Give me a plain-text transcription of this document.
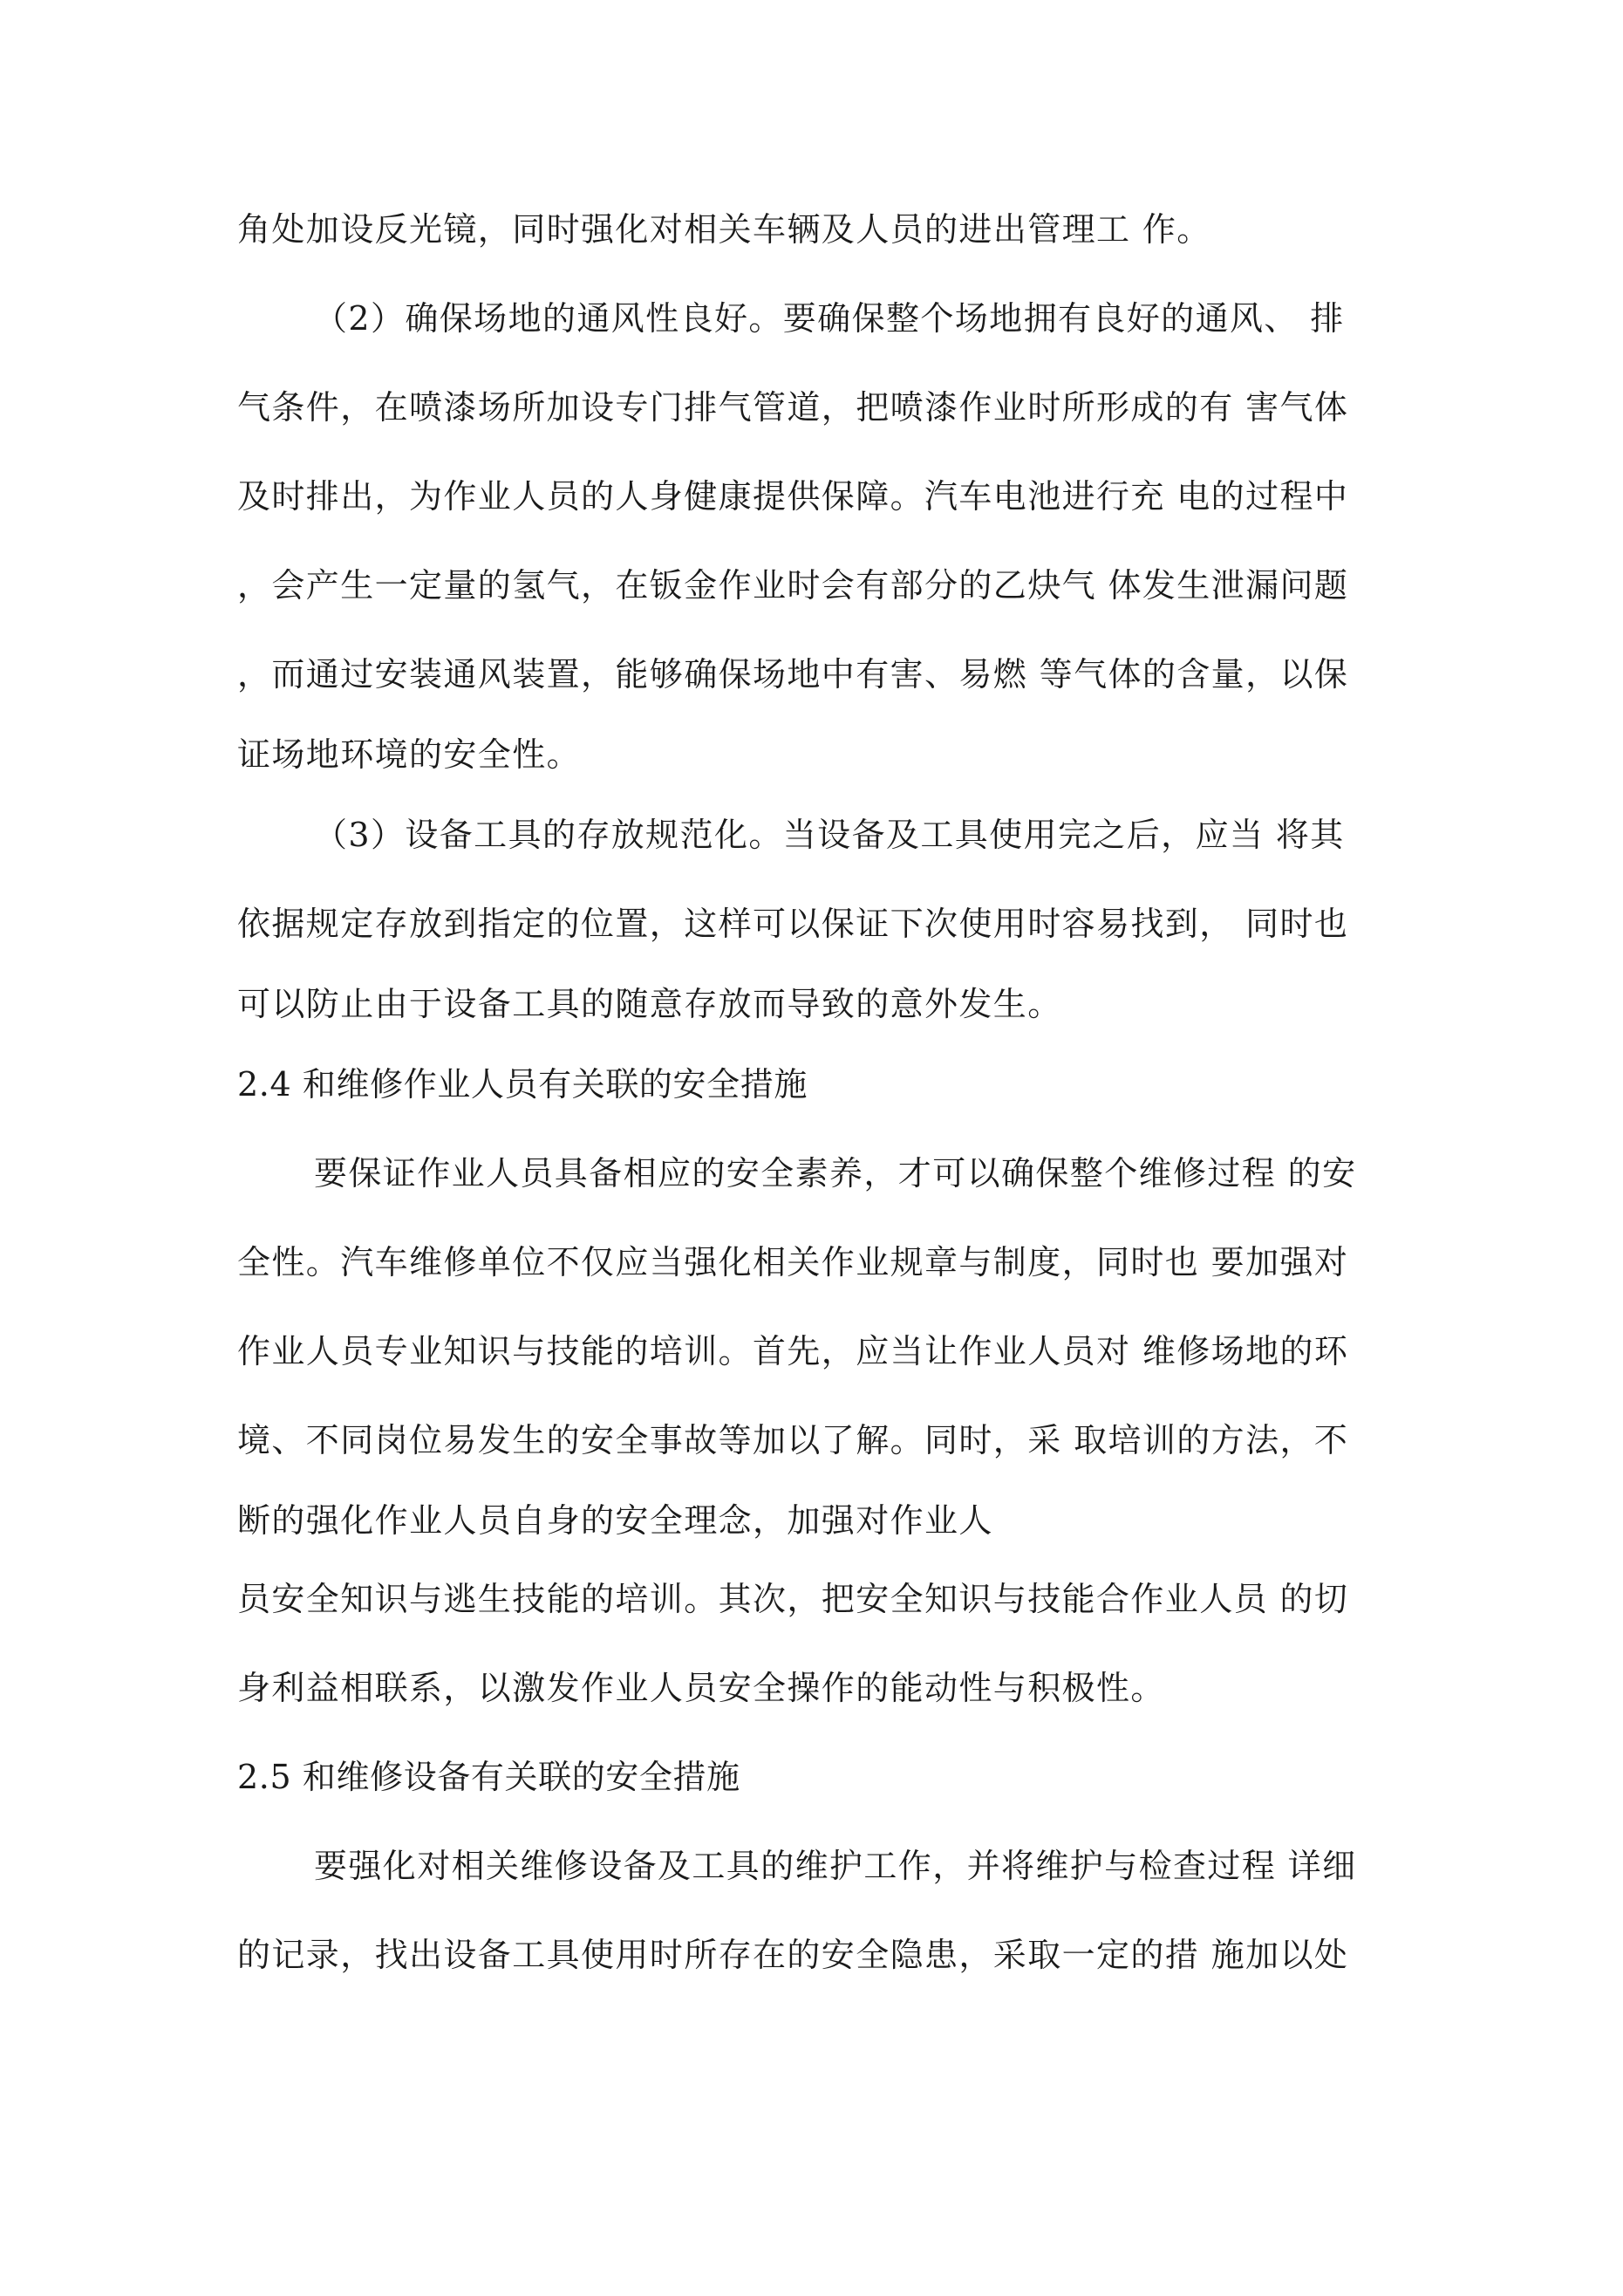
角处加设反光镜，同时强化对相关车辆及人员的进出管理工 作。
（2）确保场地的通风性良好。要确保整个场地拥有良好的通风、 排
气条件，在喷漆场所加设专门排气管道，把喷漆作业时所形成的有 害气体
及时排出，为作业人员的人身健康提供保障。汽车电池进行充 电的过程中
，会产生一定量的氢气，在钣金作业时会有部分的乙炔气 体发生泄漏问题
，而通过安装通风装置，能够确保场地中有害、易燃 等气体的含量，以保
证场地环境的安全性。
（3）设备工具的存放规范化。当设备及工具使用完之后，应当 将其
依据规定存放到指定的位置，这样可以保证下次使用时容易找到， 同时也
可以防止由于设备工具的随意存放而导致的意外发生。
2.4 和维修作业人员有关联的安全措施
要保证作业人员具备相应的安全素养，才可以确保整个维修过程 的安
全性。汽车维修单位不仅应当强化相关作业规章与制度，同时也 要加强对
作业人员专业知识与技能的培训。首先，应当让作业人员对 维修场地的环
境、不同岗位易发生的安全事故等加以了解。同时，采 取培训的方法，不
断的强化作业人员自身的安全理念，加强对作业人
员安全知识与逃生技能的培训。其次，把安全知识与技能合作业人员 的切
身利益相联系，以激发作业人员安全操作的能动性与积极性。
2.5 和维修设备有关联的安全措施
要强化对相关维修设备及工具的维护工作，并将维护与检查过程 详细
的记录，找出设备工具使用时所存在的安全隐患，采取一定的措 施加以处
